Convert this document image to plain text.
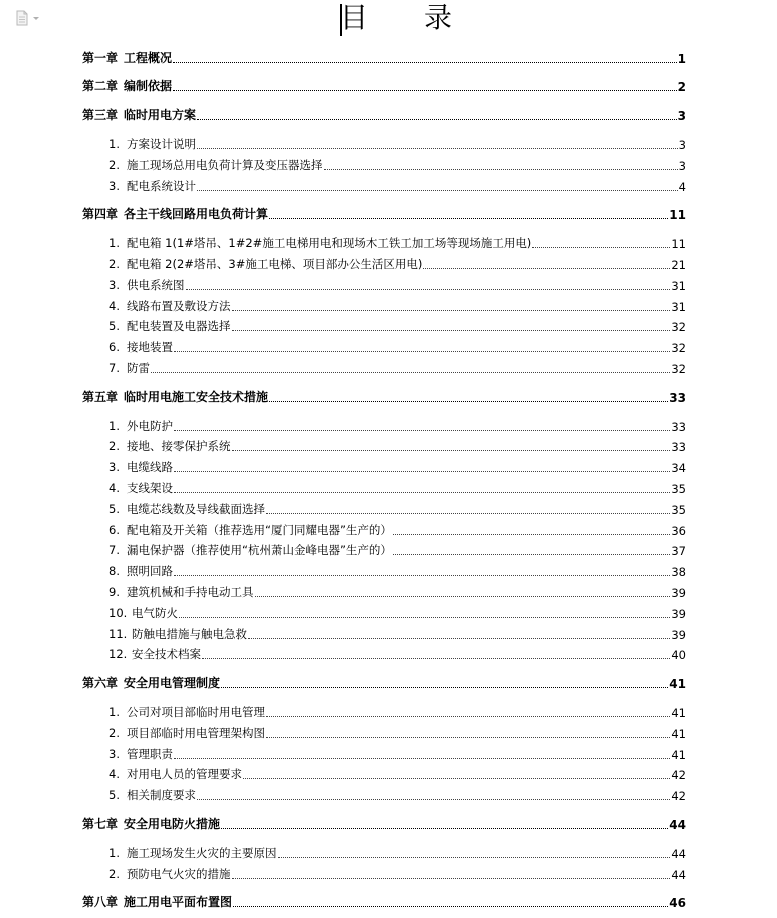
目　录
第一章 工程概况	1
第二章 编制依据	2
第三章 临时用电方案	3
1. 方案设计说明	3
2. 施工现场总用电负荷计算及变压器选择	3
3. 配电系统设计	4
第四章 各主干线回路用电负荷计算	11
1. 配电箱 1(1#塔吊、1#2#施工电梯用电和现场木工铁工加工场等现场施工用电)	11
2. 配电箱 2(2#塔吊、3#施工电梯、项目部办公生活区用电)	21
3. 供电系统图	31
4. 线路布置及敷设方法	31
5. 配电装置及电器选择	32
6. 接地装置	32
7. 防雷	32
第五章 临时用电施工安全技术措施	33
1. 外电防护	33
2. 接地、接零保护系统	33
3. 电缆线路	34
4. 支线架设	35
5. 电缆芯线数及导线截面选择	35
6. 配电箱及开关箱（推荐选用“厦门同耀电器”生产的）	36
7. 漏电保护器（推荐使用“杭州萧山金峰电器”生产的）	37
8. 照明回路	38
9. 建筑机械和手持电动工具	39
10. 电气防火	39
11. 防触电措施与触电急救	39
12. 安全技术档案	40
第六章 安全用电管理制度	41
1. 公司对项目部临时用电管理	41
2. 项目部临时用电管理架构图	41
3. 管理职责	41
4. 对用电人员的管理要求	42
5. 相关制度要求	42
第七章 安全用电防火措施	44
1. 施工现场发生火灾的主要原因	44
2. 预防电气火灾的措施	44
第八章 施工用电平面布置图	46
